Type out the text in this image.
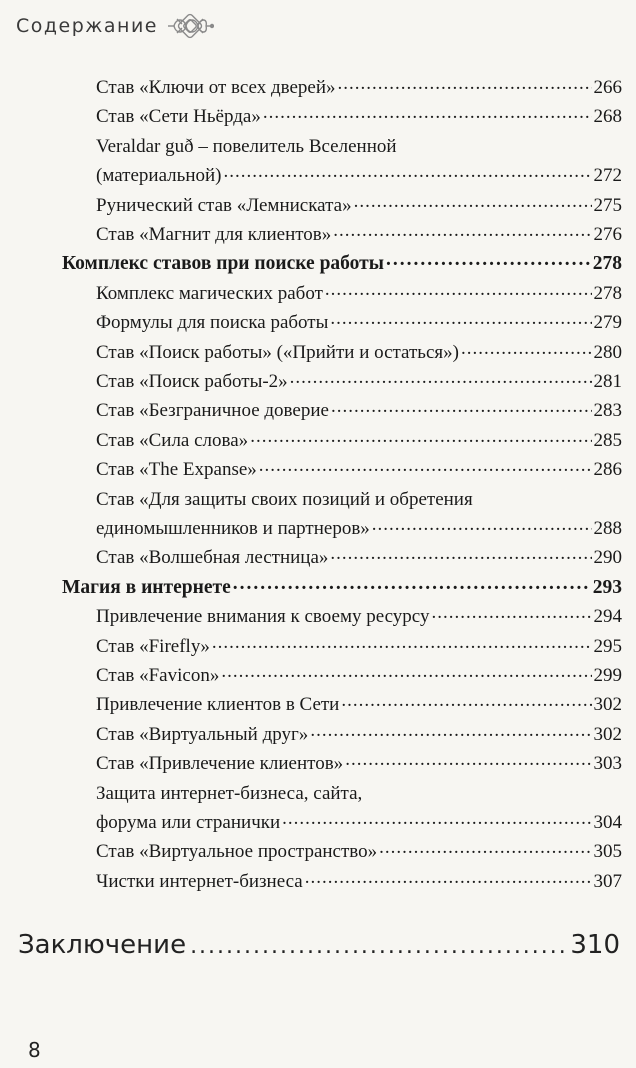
Содержание
Став «Ключи от всех дверей» .....	266
Став «Сети Ньёрда» .....	268
Veraldar guð – повелитель Вселенной
(материальной) .....	272
Рунический став «Лемниската» .....	275
Став «Магнит для клиентов» .....	276
Комплекс ставов при поиске работы .....	278
Комплекс магических работ .....	278
Формулы для поиска работы .....	279
Став «Поиск работы» («Прийти и остаться») .....	280
Став «Поиск работы-2» .....	281
Став «Безграничное доверие .....	283
Став «Сила слова» .....	285
Став «The Expanse» .....	286
Став «Для защиты своих позиций и обретения
единомышленников и партнеров» .....	288
Став «Волшебная лестница» .....	290
Магия в интернете .....	293
Привлечение внимания к своему ресурсу .....	294
Став «Firefly» .....	295
Став «Favicon» .....	299
Привлечение клиентов в Сети .....	302
Став «Виртуальный друг» .....	302
Став «Привлечение клиентов» .....	303
Защита интернет-бизнеса, сайта,
форума или странички .....	304
Став «Виртуальное пространство» .....	305
Чистки интернет-бизнеса .....	307
Заключение .....	310
8
